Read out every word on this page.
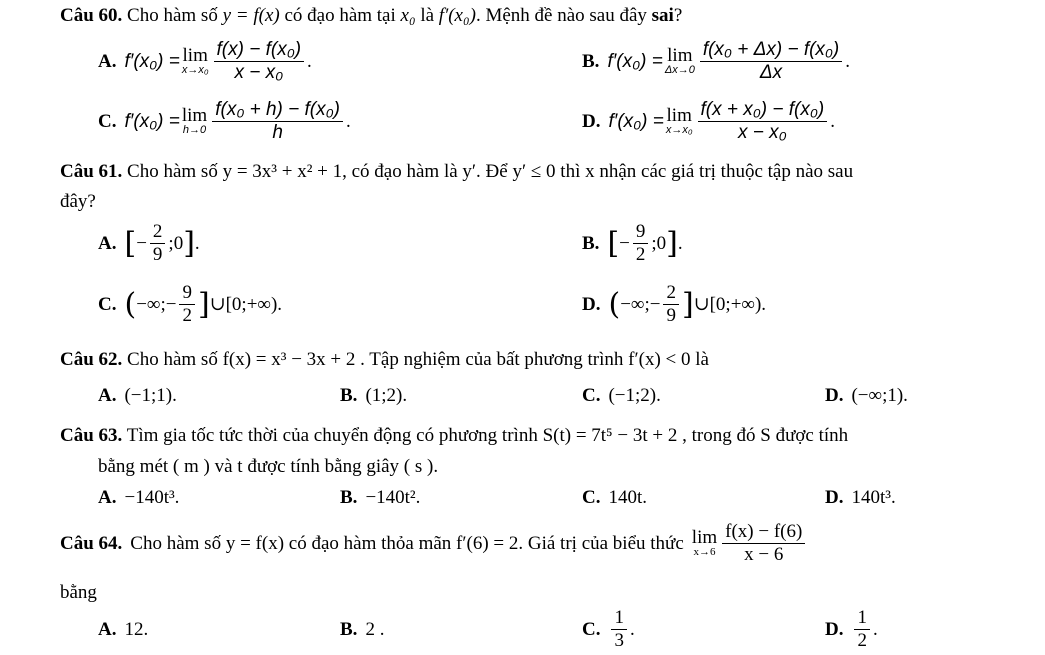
Câu 60. Cho hàm số y = f(x) có đạo hàm tại x₀ là f′(x₀). Mệnh đề nào sau đây sai?
A. f′(x₀) = lim
$x\to x_0 \frac{\text{f(x) − f(x₀)}}{\text{x − x₀}}$ .	B. f′(x₀) = lim
$\Delta x\to 0 \frac{\text{f(x₀ + Δx) − f(x₀)}}{\Delta x}$ .
C. f′(x₀) = lim
$h\to 0 \frac{\text{f(x₀ + h) − f(x₀)}}{h}$ .	D. f′(x₀) = lim
$x\to x_0 \frac{\text{f(x + x₀) − f(x₀)}}{\text{x − x₀}}$ .
Câu 61. Cho hàm số y = 3x³ + x² + 1, có đạo hàm là y′. Để y′ ≤ 0 thì x nhận các giá trị thuộc tập nào sau
đây?
A. [ − $\frac{2}{9}$ ;0 ] .	B. [ − $\frac{9}{2}$ ;0 ] .
C. ( −∞;− $\frac{9}{2}$ ] ∪[0;+∞).	D. ( −∞;− $\frac{2}{9}$ ] ∪[0;+∞).
Câu 62. Cho hàm số f(x) = x³ − 3x + 2 . Tập nghiệm của bất phương trình f′(x) < 0 là
A. (−1;1).	B. (1;2).	C. (−1;2).	D. (−∞;1).
Câu 63. Tìm gia tốc tức thời của chuyển động có phương trình S(t) = 7t⁵ − 3t + 2 , trong đó S được tính
bằng mét ( m ) và t được tính bằng giây ( s ).
A. −140t³.	B. −140t².	C. 140t.	D. 140t³.
Câu 64. Cho hàm số y = f(x) có đạo hàm thỏa mãn f′(6) = 2. Giá trị của biểu thức lim
$x\to 6 \frac{f(x) - f(6)}{x - 6}$
bằng
A. 12.	B. 2 .	C. $\frac{1}{3}$ .	D. $\frac{1}{2}$ .
